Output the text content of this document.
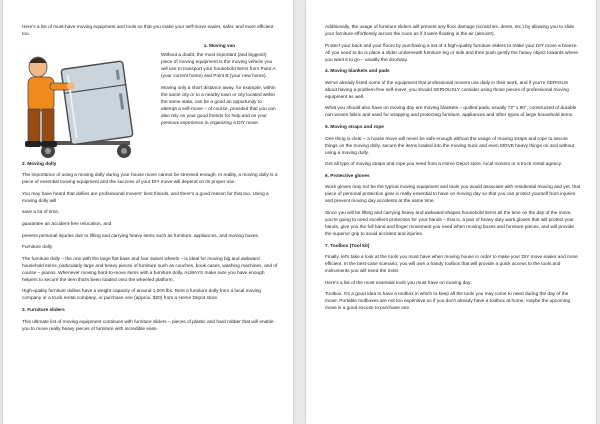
Here's a list of must-have moving equipment and tools so that you make your self-move easier, safer, and more efficient too.

1. Moving van

Without a doubt, the most important (and biggest!) piece of moving equipment is the moving vehicle you will use to transport your household items from Point A (your current home) and Point B (your new home).

Moving only a short distance away, for example, within the same city or to a nearby town or city located within the same state, can be a good an opportunity to attempt a self-move – of course, provided that you can also rely on your good friends for help and on your previous experience in organizing a DIY move.

2. Moving dolly

The importance of using a moving dolly during your house move cannot be stressed enough. In reality, a moving dolly is a piece of essential moving equipment and the success of your DIY move will depend on its proper use.

You may have heard that dollies are professional movers' best friends, and there's a good reason for that too. Using a moving dolly will

save a lot of time,

guarantee an accident-free relocation, and

prevent personal injuries due to lifting and carrying heavy items such as furniture, appliances, and moving boxes.

Furniture dolly

The furniture dolly – the one with the large flat base and four swivel wheels – is ideal for moving big and awkward household items, particularly large and heavy pieces of furniture such as couches, book cases, washing machines, and of course – pianos. Whenever moving hard-to-move items with a furniture dolly, ALWAYS make sure you have enough helpers to secure the item that's been loaded onto the wheeled platform.

High-quality furniture dollies have a weight capacity of around 1,000 lbs. Rent a furniture dolly from a local moving company or a truck rental company, or purchase one (approx. $20) from a Home Depot store.

3. Furniture sliders

This ultimate list of moving equipment continues with furniture sliders – pieces of plastic and hard rubber that will enable you to move really heavy pieces of furniture with incredible ease.

Additionally, the usage of furniture sliders will prevent any floor damage (scratches, dents, etc.) by allowing you to slide your furniture effortlessly across the room as if it were floating in the air (almost!).

Protect your back and your floors by purchasing a set of 4 high-quality furniture sliders to make your DIY move a breeze. All you need to do is place a slider underneath furniture leg or side and then push gently the heavy object towards where you want it to go – usually the doorway.

4. Moving blankets and pads

We've already listed some of the equipment that professional movers use daily in their work, and if you're SERIOUS about having a problem-free self-move, you should SERIOUSLY consider using those pieces of professional moving equipment as well.

What you should also have on moving day are moving blankets – quilted pads, usually 72" x 80", constructed of durable non-woven fabric and used for wrapping and protecting furniture, appliances and other types of large household items.

5. Moving straps and rope

One thing is clear – a house move will never be safe enough without the usage of moving straps and rope to secure things on the moving dolly, secure the items loaded into the moving truck and even MOVE heavy things on and without using a moving dolly.

Get all type of moving straps and rope you need from a Home Depot store, local movers or a truck rental agency.

6. Protective gloves

Work gloves may not be the typical moving equipment and tools you would associate with residential moving and yet, that piece of personal protection gear is really essential to have on moving day so that you can protect yourself from injuries and prevent moving day accidents at the same time.

Since you will be lifting and carrying heavy and awkward-shapes household items all the time on the day of the move, you're going to need excellent protection for your hands – that is, a pair of heavy duty work gloves that will protect your hands, give you the full hand and finger movement you need when moving boxes and furniture pieces, and will provide the superior grip to avoid accident and injuries.

7. Toolbox (Tool kit)

Finally, let's take a look at the tools you must have when moving house in order to make your DIY move easier and more efficient. In the best-case scenario, you will own a handy toolbox that will provide a quick access to the tools and instruments you will need the most.

Here's a list of the most essential tools you must have on moving day:

Toolbox. It's a good idea to have a toolbox in which to keep all the tools you may come to need during the day of the move. Portable toolboxes are not too expensive so if you don't already have a toolbox at home, maybe the upcoming move is a good excuse to purchase one.
